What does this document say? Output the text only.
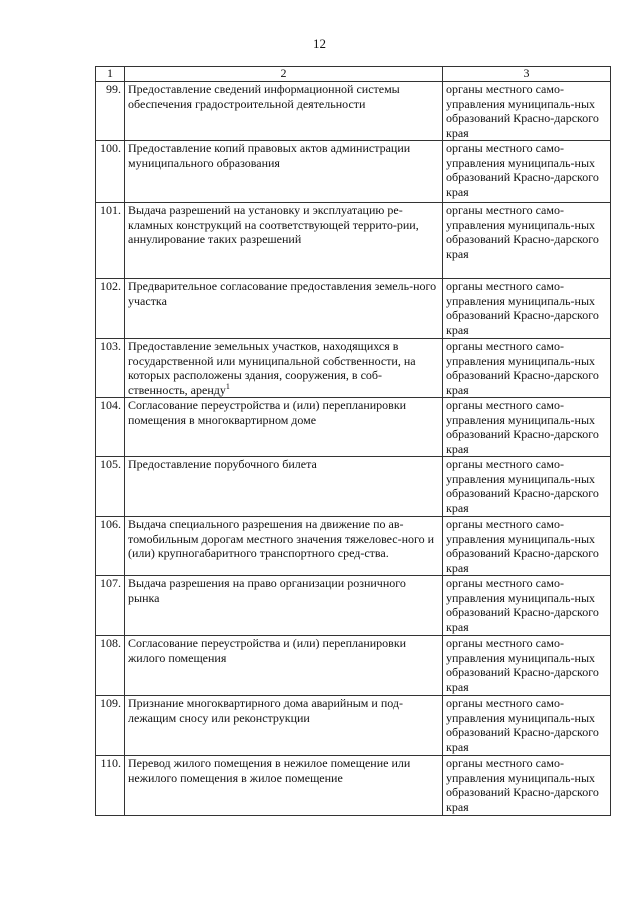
12
1	2	3
99.	Предоставление сведений информационной системы обеспечения градостроительной деятельности	органы местного само-управления муниципаль-ных образований Красно-дарского края
100.	Предоставление копий правовых актов администрации муниципального образования	органы местного само-управления муниципаль-ных образований Красно-дарского края
101.	Выдача разрешений на установку и эксплуатацию ре-кламных конструкций на соответствующей террито-рии, аннулирование таких разрешений	органы местного само-управления муниципаль-ных образований Красно-дарского края
102.	Предварительное согласование предоставления земель-ного участка	органы местного само-управления муниципаль-ных образований Красно-дарского края
103.	Предоставление земельных участков, находящихся в государственной или муниципальной собственности, на которых расположены здания, сооружения, в соб-ственность, аренду$^1$	органы местного само-управления муниципаль-ных образований Красно-дарского края
104.	Согласование переустройства и (или) перепланировки помещения в многоквартирном доме	органы местного само-управления муниципаль-ных образований Красно-дарского края
105.	Предоставление порубочного билета	органы местного само-управления муниципаль-ных образований Красно-дарского края
106.	Выдача специального разрешения на движение по ав-томобильным дорогам местного значения тяжеловес-ного и (или) крупногабаритного транспортного сред-ства.	органы местного само-управления муниципаль-ных образований Красно-дарского края
107.	Выдача разрешения на право организации розничного рынка	органы местного само-управления муниципаль-ных образований Красно-дарского края
108.	Согласование переустройства и (или) перепланировки жилого помещения	органы местного само-управления муниципаль-ных образований Красно-дарского края
109.	Признание многоквартирного дома аварийным и под-лежащим сносу или реконструкции	органы местного само-управления муниципаль-ных образований Красно-дарского края
110.	Перевод жилого помещения в нежилое помещение или нежилого помещения в жилое помещение	органы местного само-управления муниципаль-ных образований Красно-дарского края
